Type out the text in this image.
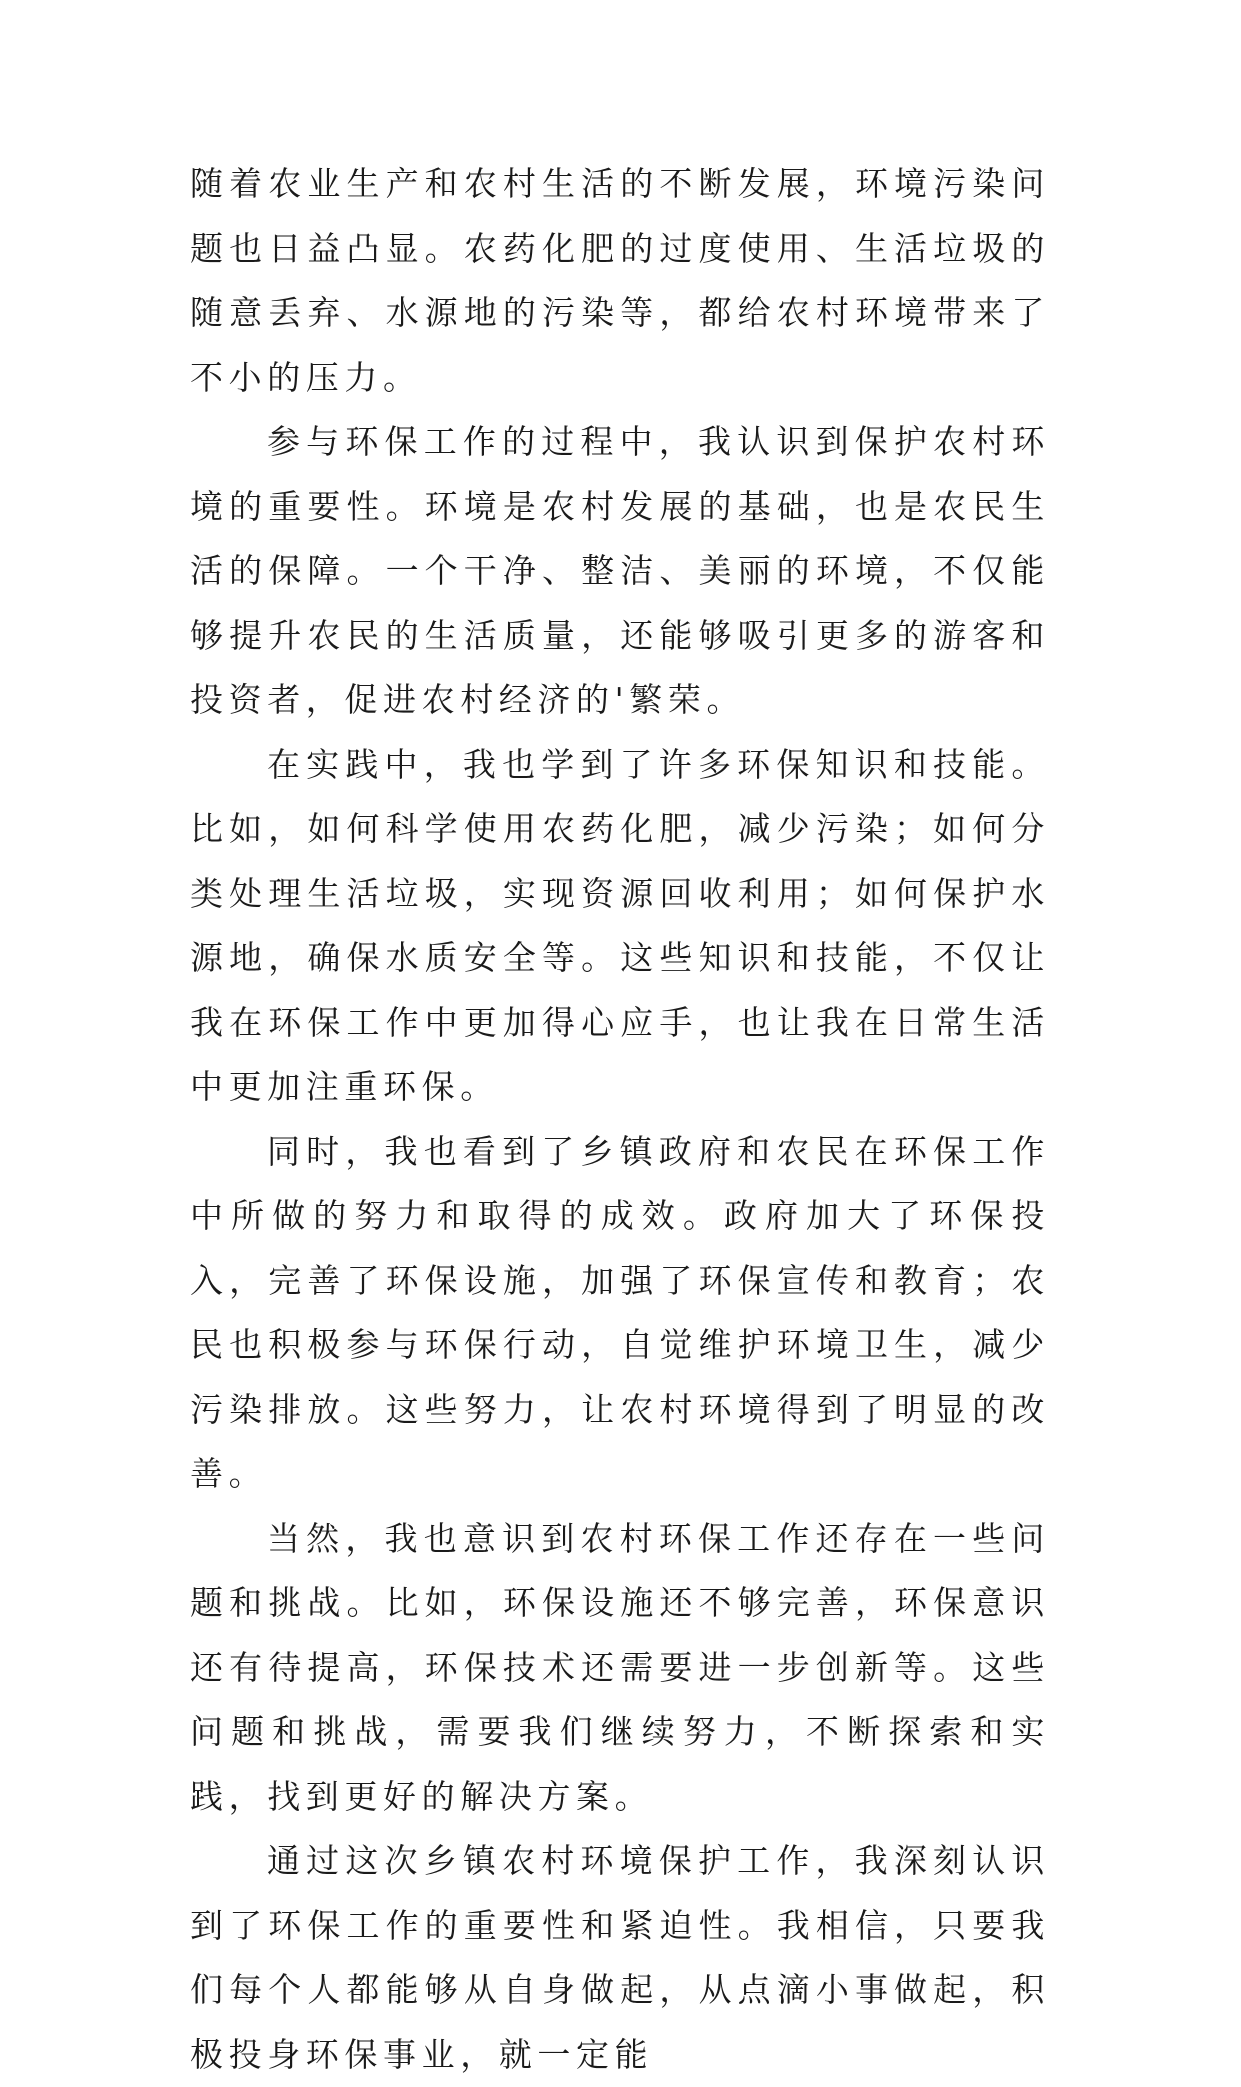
随着农业生产和农村生活的不断发展，环境污染问题也日益凸显。农药化肥的过度使用、生活垃圾的随意丢弃、水源地的污染等，都给农村环境带来了不小的压力。

参与环保工作的过程中，我认识到保护农村环境的重要性。环境是农村发展的基础，也是农民生活的保障。一个干净、整洁、美丽的环境，不仅能够提升农民的生活质量，还能够吸引更多的游客和投资者，促进农村经济的'繁荣。

在实践中，我也学到了许多环保知识和技能。比如，如何科学使用农药化肥，减少污染；如何分类处理生活垃圾，实现资源回收利用；如何保护水源地，确保水质安全等。这些知识和技能，不仅让我在环保工作中更加得心应手，也让我在日常生活中更加注重环保。

同时，我也看到了乡镇政府和农民在环保工作中所做的努力和取得的成效。政府加大了环保投入，完善了环保设施，加强了环保宣传和教育；农民也积极参与环保行动，自觉维护环境卫生，减少污染排放。这些努力，让农村环境得到了明显的改善。

当然，我也意识到农村环保工作还存在一些问题和挑战。比如，环保设施还不够完善，环保意识还有待提高，环保技术还需要进一步创新等。这些问题和挑战，需要我们继续努力，不断探索和实践，找到更好的解决方案。

通过这次乡镇农村环境保护工作，我深刻认识到了环保工作的重要性和紧迫性。我相信，只要我们每个人都能够从自身做起，从点滴小事做起，积极投身环保事业，就一定能
